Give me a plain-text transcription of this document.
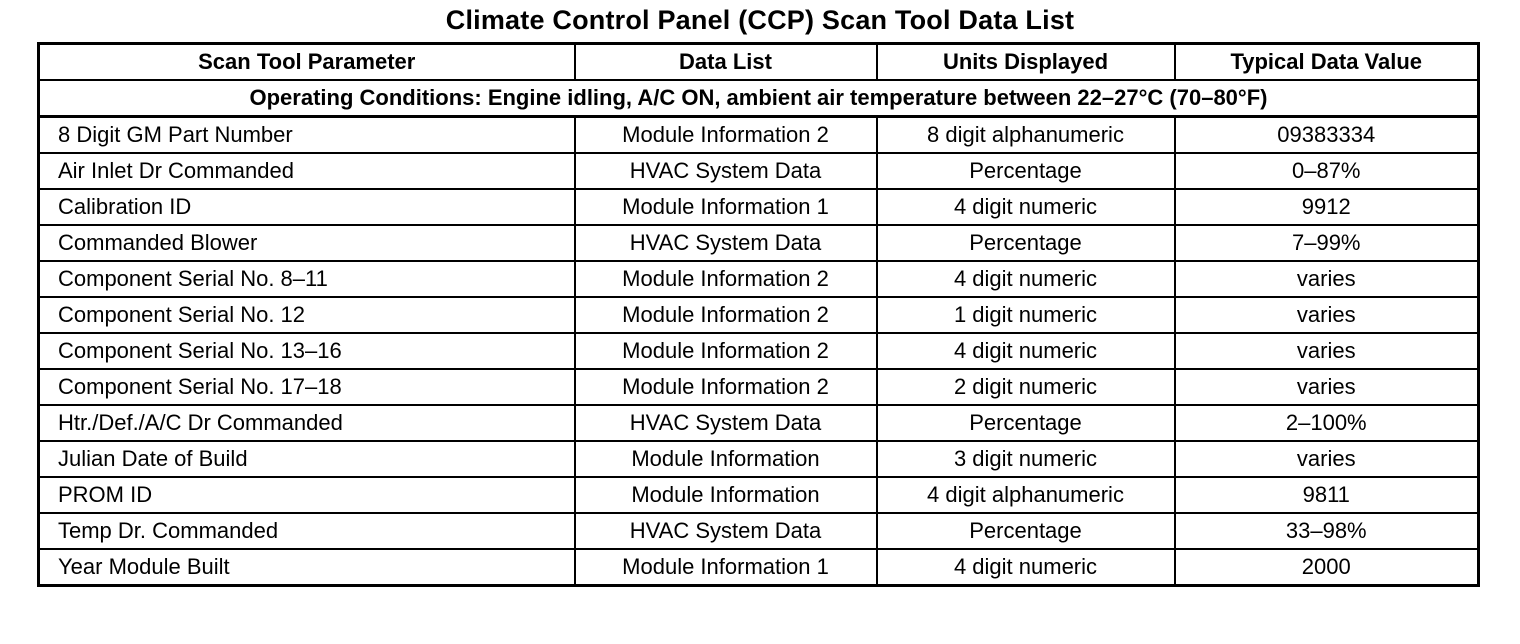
Climate Control Panel (CCP) Scan Tool Data List
Scan Tool Parameter	Data List	Units Displayed	Typical Data Value
Operating Conditions: Engine idling, A/C ON, ambient air temperature between 22–27°C (70–80°F)			
8 Digit GM Part Number	Module Information 2	8 digit alphanumeric	09383334
Air Inlet Dr Commanded	HVAC System Data	Percentage	0–87%
Calibration ID	Module Information 1	4 digit numeric	9912
Commanded Blower	HVAC System Data	Percentage	7–99%
Component Serial No. 8–11	Module Information 2	4 digit numeric	varies
Component Serial No. 12	Module Information 2	1 digit numeric	varies
Component Serial No. 13–16	Module Information 2	4 digit numeric	varies
Component Serial No. 17–18	Module Information 2	2 digit numeric	varies
Htr./Def./A/C Dr Commanded	HVAC System Data	Percentage	2–100%
Julian Date of Build	Module Information	3 digit numeric	varies
PROM ID	Module Information	4 digit alphanumeric	9811
Temp Dr. Commanded	HVAC System Data	Percentage	33–98%
Year Module Built	Module Information 1	4 digit numeric	2000
